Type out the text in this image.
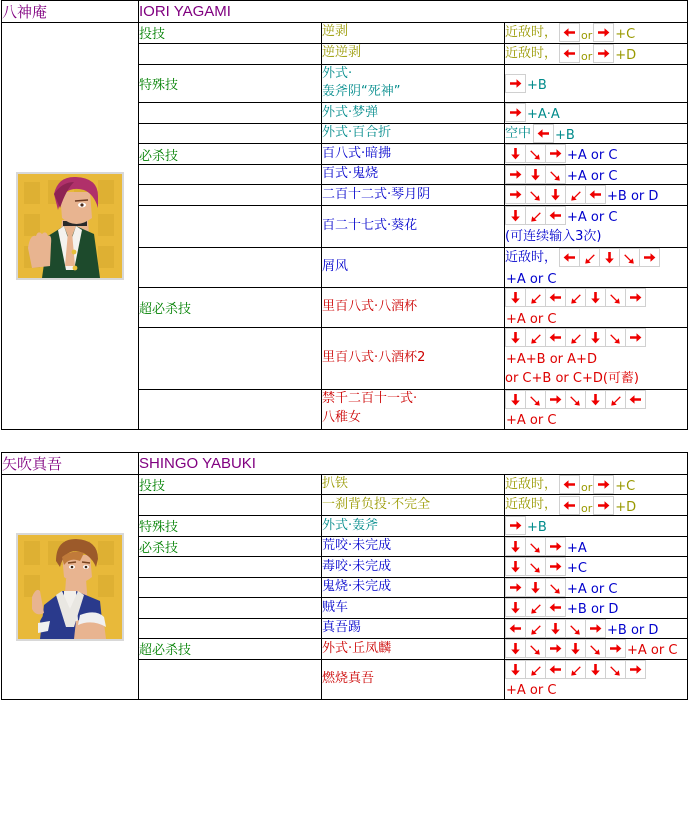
八神庵	IORI YAGAMI		

	投技	逆剥	近敌时， or +C

		逆逆剥	近敌时， or +D

	特殊技	外式·
轰斧阴“死神”	+B

		外式·梦弹	+A·A

		外式·百合折	空中 +B

	必杀技	百八式·暗拂	+A or C

		百式·鬼烧	+A or C

		二百十二式·琴月阴	+B or D

		百二十七式·葵花	+A or C
(可连续输入3次)

		屑风	近敌时，
+A or C

	超必杀技	里百八式·八酒杯	+A or C

		里百八式·八酒杯2	+A+B or A+D
or C+B or C+D(可蓄)

		禁千二百十一式·
八稚女	+A or C
矢吹真吾	SHINGO YABUKI		

	投技	扒铁	近敌时， or +C

		一刹背负投·不完全	近敌时， or +D

	特殊技	外式·轰斧	+B

	必杀技	荒咬·未完成	+A

		毒咬·未完成	+C

		鬼烧·未完成	+A or C

		贼车	+B or D

		真吾踢	+B or D

	超必杀技	外式·丘凤麟	+A or C

		燃烧真吾	+A or C
